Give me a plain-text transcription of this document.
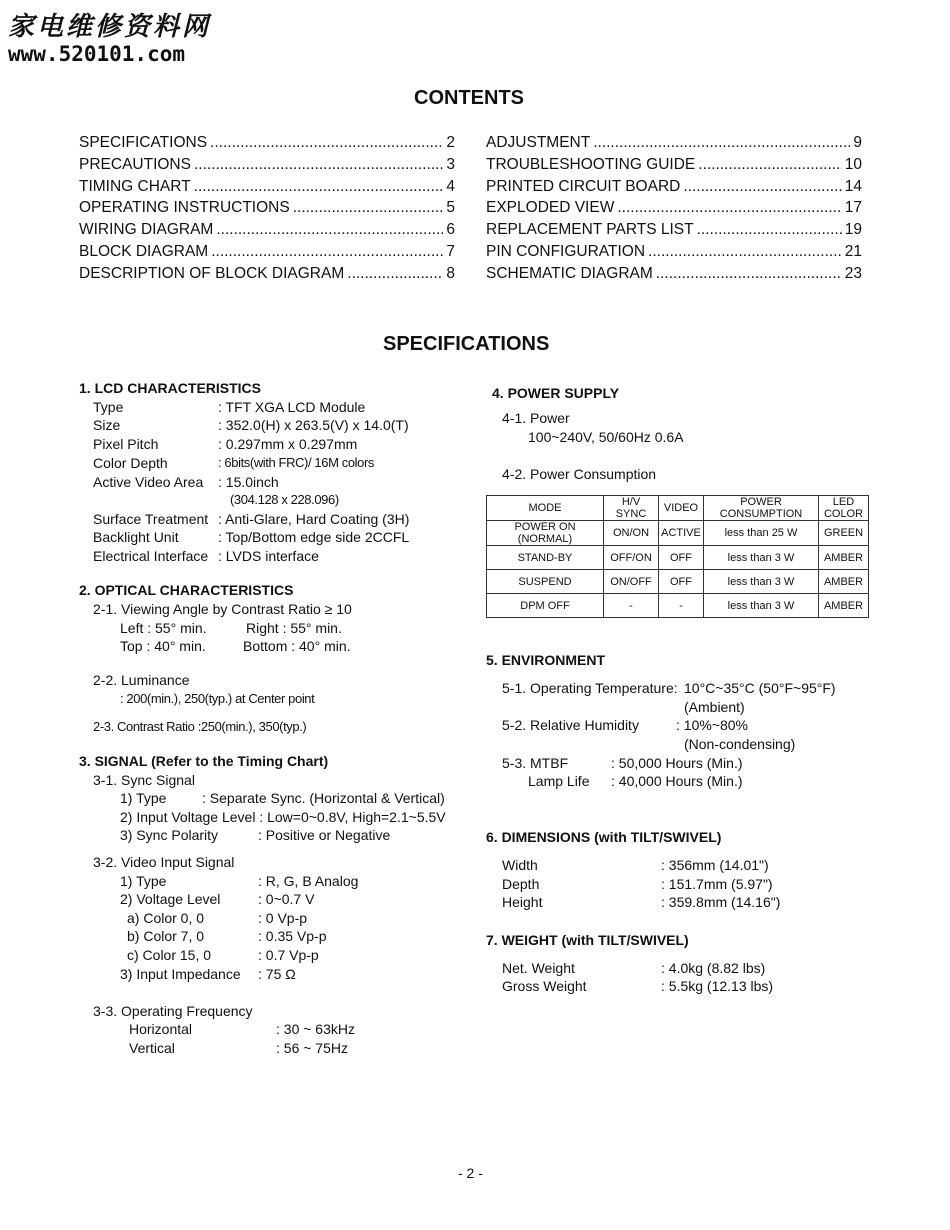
家电维修资料网
www.520101.com
CONTENTS
SPECIFICATIONS .....	2
PRECAUTIONS .....	3
TIMING CHART .....	4
OPERATING INSTRUCTIONS .....	5
WIRING DIAGRAM .....	6
BLOCK DIAGRAM .....	7
DESCRIPTION OF BLOCK DIAGRAM .....	8
ADJUSTMENT .....	9
TROUBLESHOOTING GUIDE .....	10
PRINTED CIRCUIT BOARD .....	14
EXPLODED VIEW .....	17
REPLACEMENT PARTS LIST .....	19
PIN CONFIGURATION .....	21
SCHEMATIC DIAGRAM .....	23
SPECIFICATIONS
1. LCD CHARACTERISTICS
Type	: TFT XGA LCD Module
Size	: 352.0(H) x 263.5(V) x 14.0(T)
Pixel Pitch	: 0.297mm x 0.297mm
Color Depth	: 6bits(with FRC)/ 16M colors
Active Video Area : 15.0inch
(304.128 x 228.096)
Surface Treatment : Anti-Glare, Hard Coating (3H)
Backlight Unit	: Top/Bottom edge side 2CCFL
Electrical Interface : LVDS interface
2. OPTICAL CHARACTERISTICS
2-1. Viewing Angle by Contrast Ratio ≥ 10
Left : 55° min.	Right : 55° min.
Top : 40° min.	Bottom : 40° min.
2-2. Luminance
: 200(min.), 250(typ.) at Center point
2-3. Contrast Ratio :250(min.), 350(typ.)
3. SIGNAL (Refer to the Timing Chart)
3-1. Sync Signal
1) Type	: Separate Sync. (Horizontal & Vertical)
2) Input Voltage Level : Low=0~0.8V, High=2.1~5.5V
3) Sync Polarity	: Positive or Negative
3-2. Video Input Signal
1) Type	: R, G, B Analog
2) Voltage Level	: 0~0.7 V
a) Color 0, 0	: 0 Vp-p
b) Color 7, 0	: 0.35 Vp-p
c) Color 15, 0	: 0.7 Vp-p
3) Input Impedance : 75 Ω
3-3. Operating Frequency
Horizontal	: 30 ~ 63kHz
Vertical	: 56 ~ 75Hz
4. POWER SUPPLY
4-1. Power
100~240V, 50/60Hz 0.6A
4-2. Power Consumption
MODE	H/V SYNC	VIDEO	POWER CONSUMPTION	LED COLOR
POWER ON (NORMAL)	ON/ON	ACTIVE	less than 25 W	GREEN
STAND-BY	OFF/ON	OFF	less than 3 W	AMBER
SUSPEND	ON/OFF	OFF	less than 3 W	AMBER
DPM OFF	-	-	less than 3 W	AMBER
5. ENVIRONMENT
5-1. Operating Temperature: 10°C~35°C (50°F~95°F)
(Ambient)
5-2. Relative Humidity	: 10%~80%
(Non-condensing)
5-3. MTBF	: 50,000 Hours (Min.)
Lamp Life : 40,000 Hours (Min.)
6. DIMENSIONS (with TILT/SWIVEL)
Width	: 356mm (14.01")
Depth	: 151.7mm (5.97")
Height	: 359.8mm (14.16")
7. WEIGHT (with TILT/SWIVEL)
Net. Weight	: 4.0kg (8.82 lbs)
Gross Weight	: 5.5kg (12.13 lbs)
- 2 -
